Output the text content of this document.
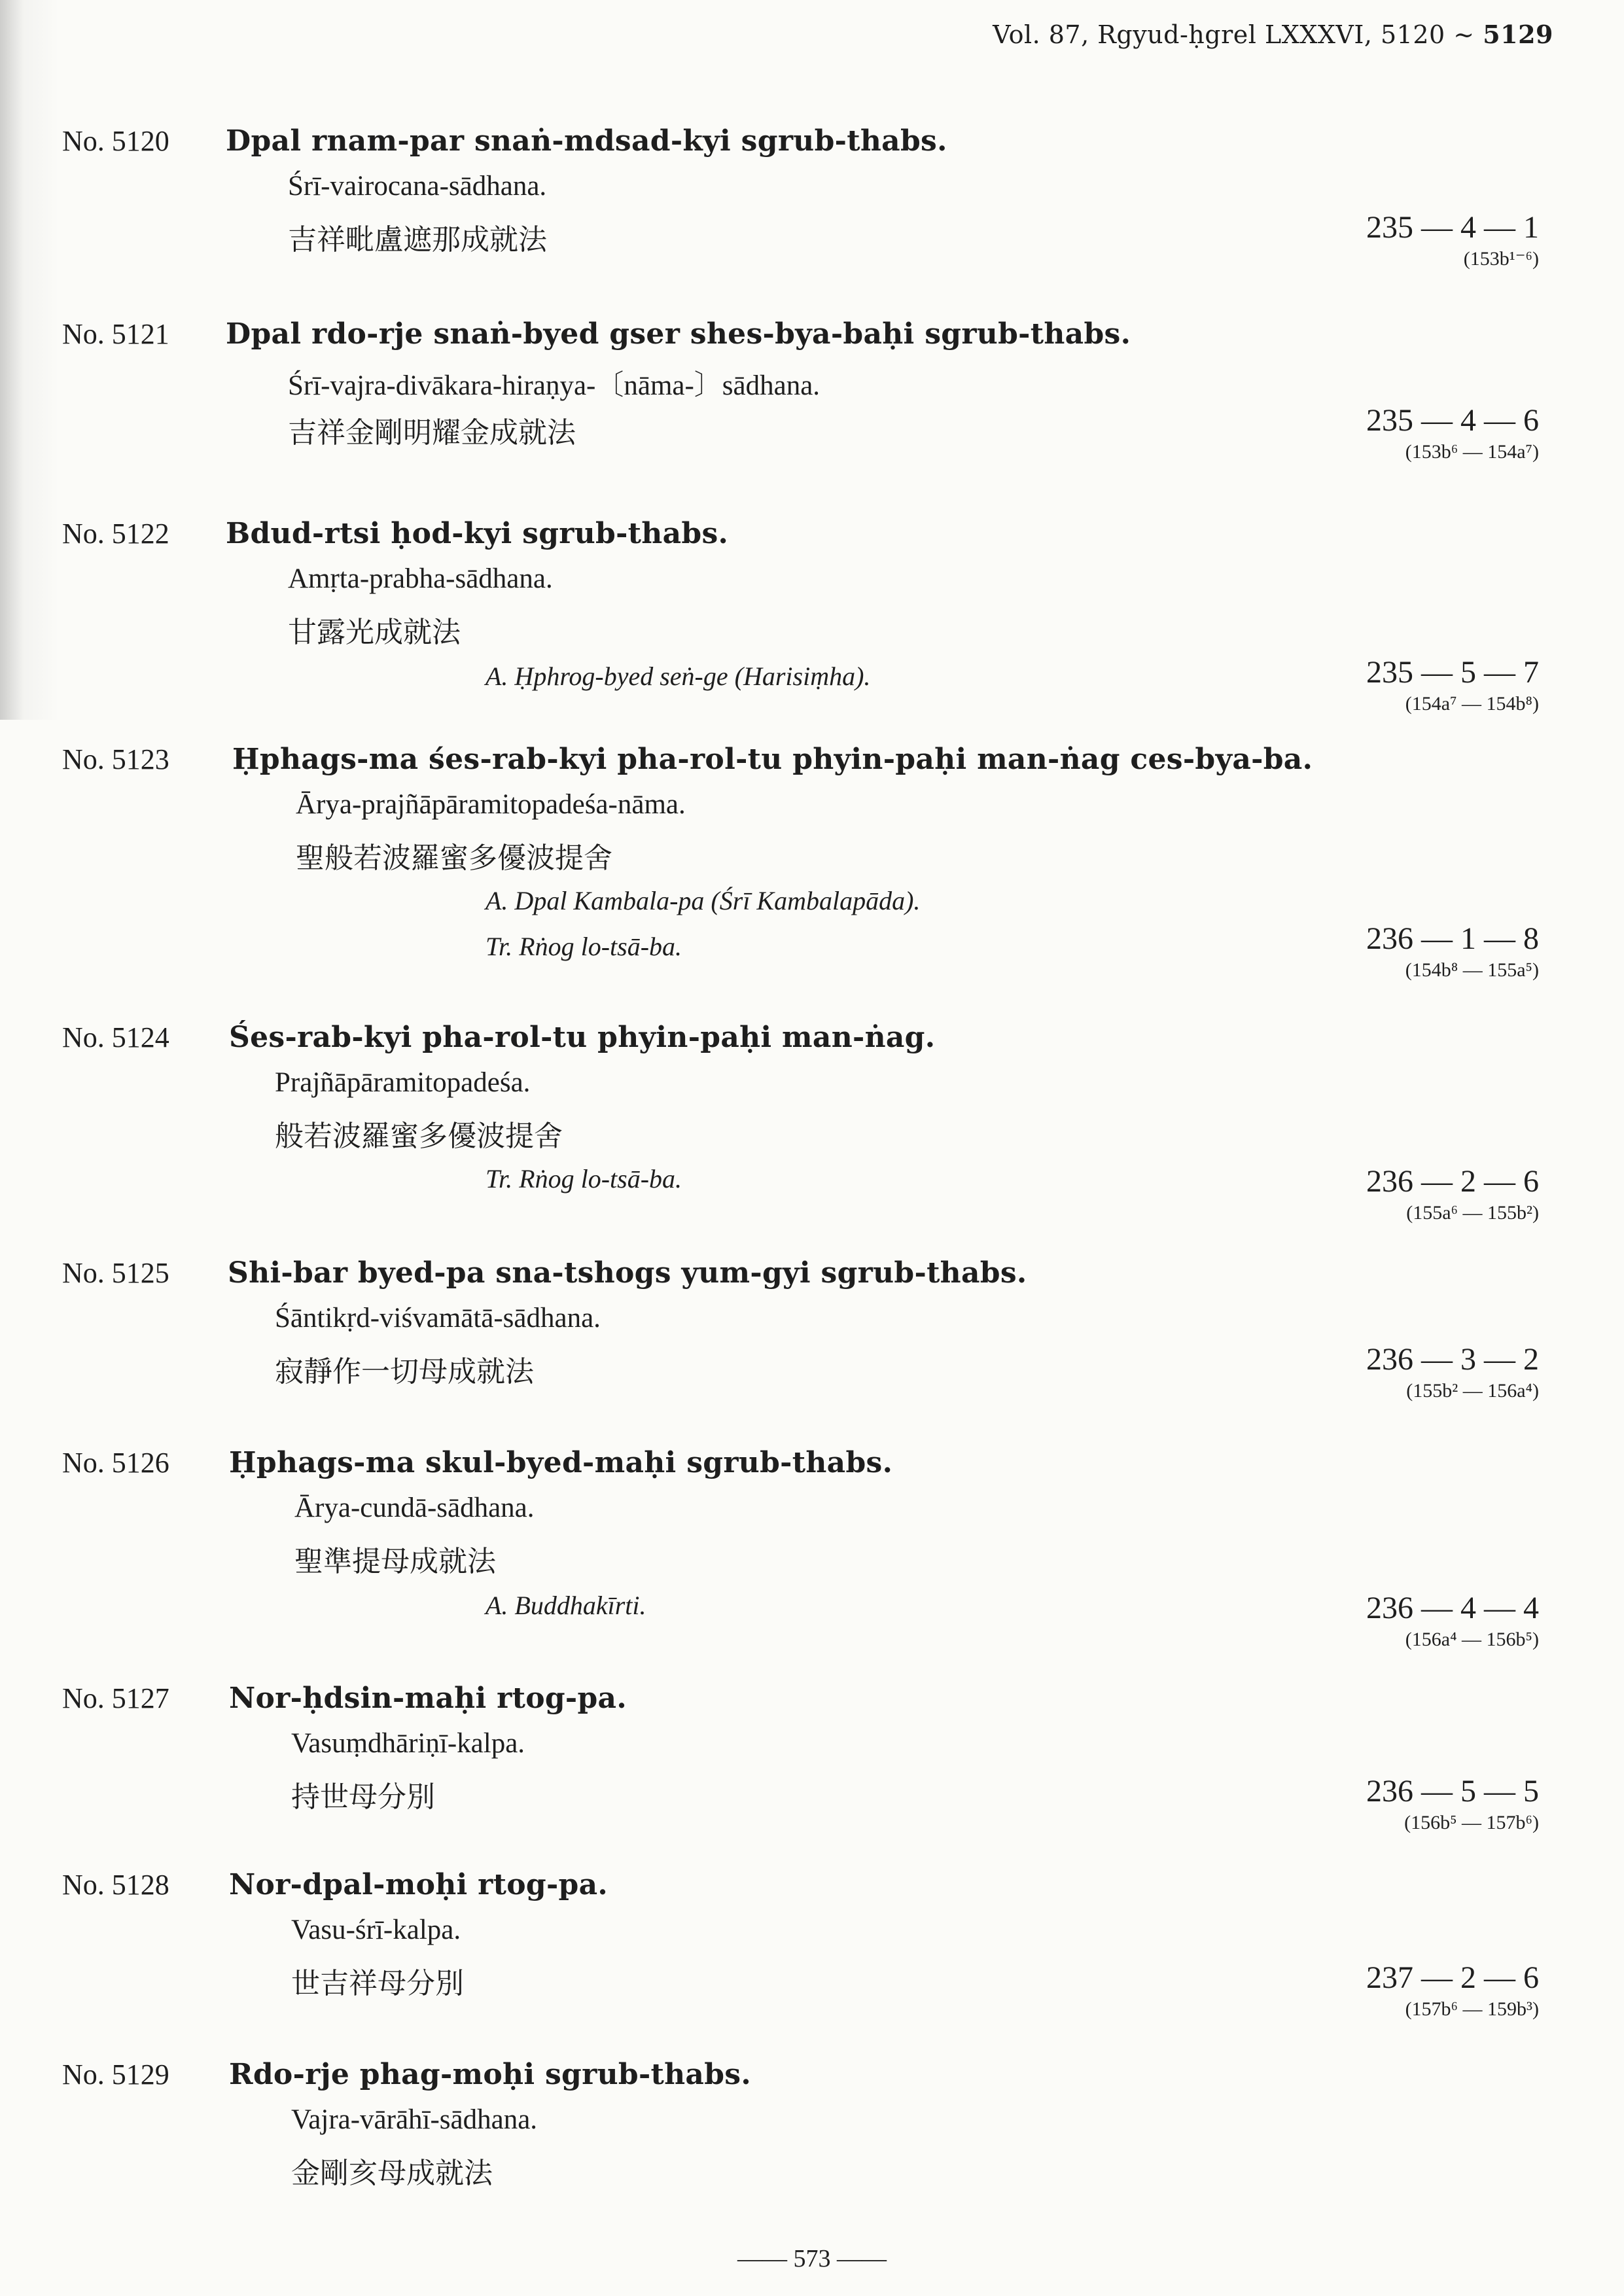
Vol. 87, Rgyud-ḥgrel LXXXVI, 5120 ∼ 5129
No. 5120 Dpal rnam-par snaṅ-mdsad-kyi sgrub-thabs.
Śrī-vairocana-sādhana.
吉祥毗盧遮那成就法	235 — 4 — 1
(153b¹⁻⁶)
No. 5121 Dpal rdo-rje snaṅ-byed gser shes-bya-baḥi sgrub-thabs.
Śrī-vajra-divākara-hiraṇya-〔nāma-〕sādhana.
吉祥金剛明耀金成就法	235 — 4 — 6
(153b⁶ — 154a⁷)
No. 5122 Bdud-rtsi ḥod-kyi sgrub-thabs.
Amṛta-prabha-sādhana.
甘露光成就法
A. Ḥphrog-byed seṅ-ge (Harisiṃha).	235 — 5 — 7
(154a⁷ — 154b⁸)
No. 5123 Ḥphags-ma śes-rab-kyi pha-rol-tu phyin-paḥi man-ṅag ces-bya-ba.
Ārya-prajñāpāramitopadeśa-nāma.
聖般若波羅蜜多優波提舍
A. Dpal Kambala-pa (Śrī Kambalapāda).
Tr. Rṅog lo-tsā-ba.	236 — 1 — 8
(154b⁸ — 155a⁵)
No. 5124 Śes-rab-kyi pha-rol-tu phyin-paḥi man-ṅag.
Prajñāpāramitopadeśa.
般若波羅蜜多優波提舍
Tr. Rṅog lo-tsā-ba.	236 — 2 — 6
(155a⁶ — 155b²)
No. 5125 Shi-bar byed-pa sna-tshogs yum-gyi sgrub-thabs.
Śāntikṛd-viśvamātā-sādhana.
寂靜作一切母成就法	236 — 3 — 2
(155b² — 156a⁴)
No. 5126 Ḥphags-ma skul-byed-maḥi sgrub-thabs.
Ārya-cundā-sādhana.
聖準提母成就法
A. Buddhakīrti.	236 — 4 — 4
(156a⁴ — 156b⁵)
No. 5127 Nor-ḥdsin-maḥi rtog-pa.
Vasuṃdhāriṇī-kalpa.
持世母分別	236 — 5 — 5
(156b⁵ — 157b⁶)
No. 5128 Nor-dpal-moḥi rtog-pa.
Vasu-śrī-kalpa.
世吉祥母分別	237 — 2 — 6
(157b⁶ — 159b³)
No. 5129 Rdo-rje phag-moḥi sgrub-thabs.
Vajra-vārāhī-sādhana.
金剛亥母成就法
—— 573 ——
